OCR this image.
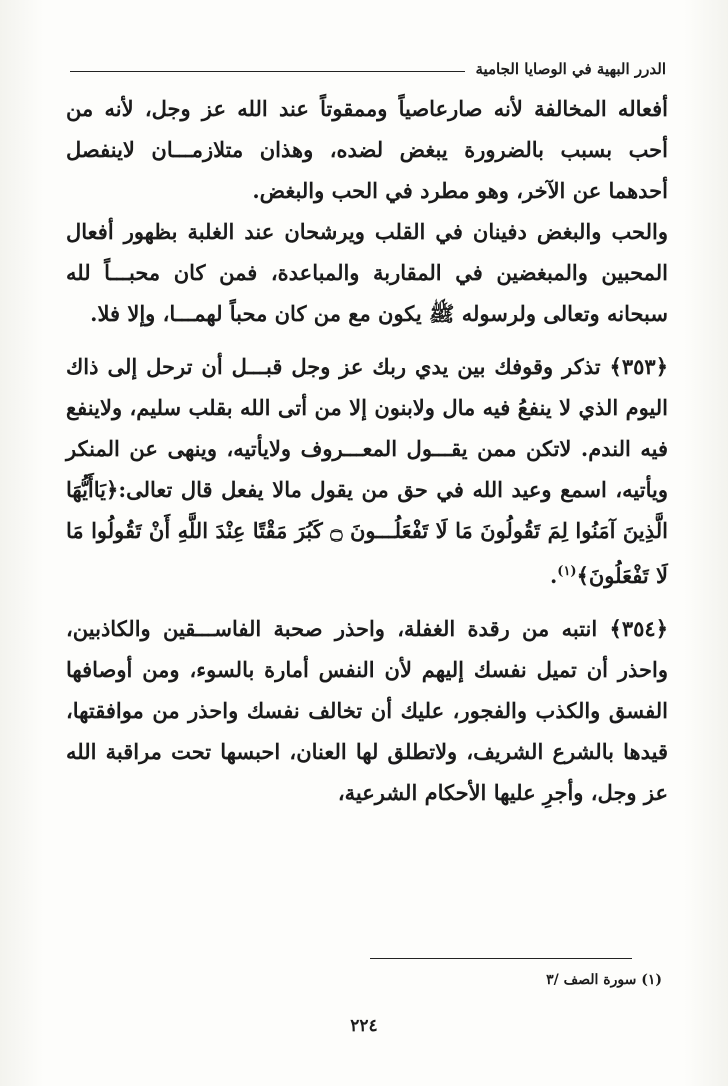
الدرر البهية في الوصايا الجامية

أفعاله المخالفة لأنه صارعاصياً وممقوتاً عند الله عز وجل، لأنه من أحب بسبب بالضرورة يبغض لضده، وهذان متلازمـــان لاينفصل أحدهما عن الآخر، وهو مطرد في الحب والبغض.

والحب والبغض دفينان في القلب ويرشحان عند الغلبة بظهور أفعال المحبين والمبغضين في المقاربة والمباعدة، فمن كان محبـــاً لله سبحانه وتعالى ولرسوله ﷺ يكون مع من كان محباً لهمـــا، وإلا فلا.

﴿٣٥٣﴾ تذكر وقوفك بين يدي ربك عز وجل قبـــل أن ترحل إلى ذاك اليوم الذي لا ينفعُ فيه مال ولابنون إلا من أتى الله بقلب سليم، ولاينفع فيه الندم. لاتكن ممن يقـــول المعـــروف ولايأتيه، وينهى عن المنكر ويأتيه، اسمع وعيد الله في حق من يقول مالا يفعل قال تعالى:﴿يَاأَيُّهَا الَّذِينَ آمَنُوا لِمَ تَقُولُونَ مَا لَا تَفْعَلُـــونَ ۝ كَبُرَ مَقْتًا عِنْدَ اللَّهِ أَنْ تَقُولُوا مَا لَا تَفْعَلُونَ﴾$^{(١)}$.

﴿٣٥٤﴾ انتبه من رقدة الغفلة، واحذر صحبة الفاســـقين والكاذبين، واحذر أن تميل نفسك إليهم لأن النفس أمارة بالسوء، ومن أوصافها الفسق والكذب والفجور، عليك أن تخالف نفسك واحذر من موافقتها، قيدها بالشرع الشريف، ولاتطلق لها العنان، احبسها تحت مراقبة الله عز وجل، وأجرِ عليها الأحكام الشرعية،

(١) سورة الصف /٣
٢٢٤
